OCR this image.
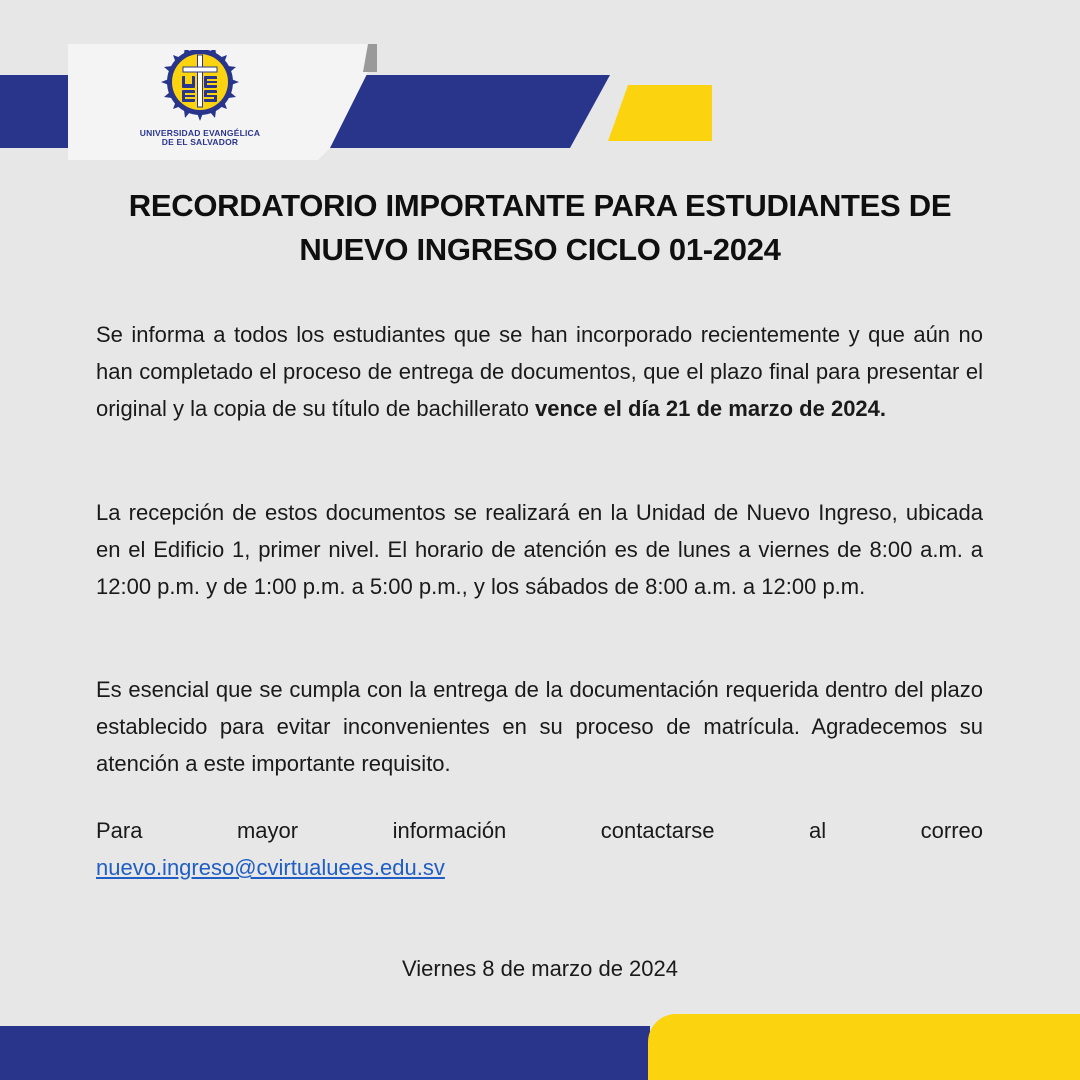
UNIVERSIDAD EVANGÉLICA
DE EL SALVADOR
RECORDATORIO IMPORTANTE PARA ESTUDIANTES DE
NUEVO INGRESO CICLO 01-2024

Se informa a todos los estudiantes que se han incorporado recientemente y que aún no han completado el proceso de entrega de documentos, que el plazo final para presentar el original y la copia de su título de bachillerato vence el día 21 de marzo de 2024.

La recepción de estos documentos se realizará en la Unidad de Nuevo Ingreso, ubicada en el Edificio 1, primer nivel. El horario de atención es de lunes a viernes de 8:00 a.m. a 12:00 p.m. y de 1:00 p.m. a 5:00 p.m., y los sábados de 8:00 a.m. a 12:00 p.m.

Es esencial que se cumpla con la entrega de la documentación requerida dentro del plazo establecido para evitar inconvenientes en su proceso de matrícula. Agradecemos su atención a este importante requisito.

Para mayor información contactarse al correo
nuevo.ingreso@cvirtualuees.edu.sv

Viernes 8 de marzo de 2024
